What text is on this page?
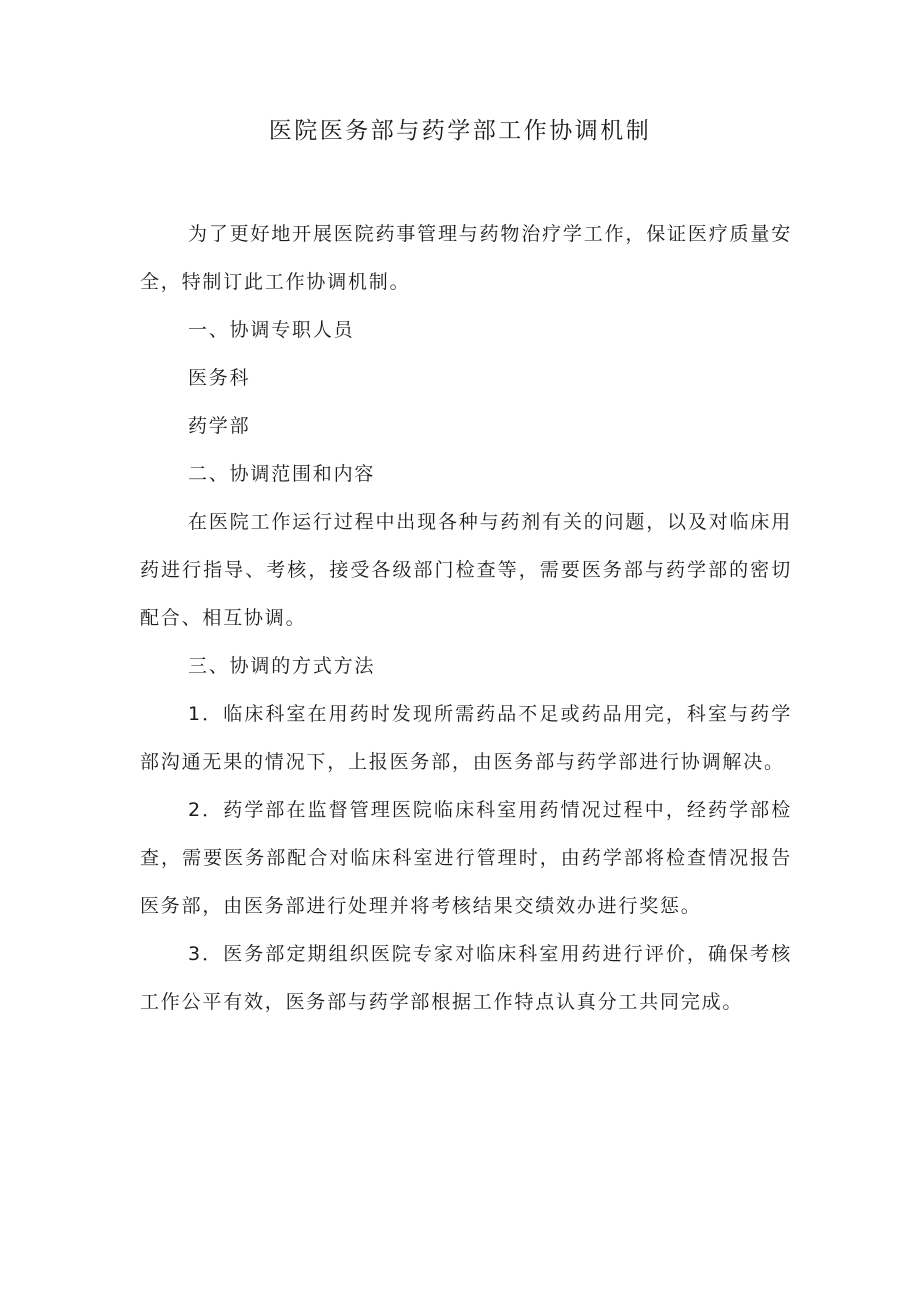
医院医务部与药学部工作协调机制

为了更好地开展医院药事管理与药物治疗学工作，保证医疗质量安全，特制订此工作协调机制。

一、协调专职人员

医务科

药学部

二、协调范围和内容

在医院工作运行过程中出现各种与药剂有关的问题，以及对临床用药进行指导、考核，接受各级部门检查等，需要医务部与药学部的密切配合、相互协调。

三、协调的方式方法

1．临床科室在用药时发现所需药品不足或药品用完，科室与药学部沟通无果的情况下，上报医务部，由医务部与药学部进行协调解决。

2．药学部在监督管理医院临床科室用药情况过程中，经药学部检查，需要医务部配合对临床科室进行管理时，由药学部将检查情况报告医务部，由医务部进行处理并将考核结果交绩效办进行奖惩。

3．医务部定期组织医院专家对临床科室用药进行评价，确保考核工作公平有效，医务部与药学部根据工作特点认真分工共同完成。
